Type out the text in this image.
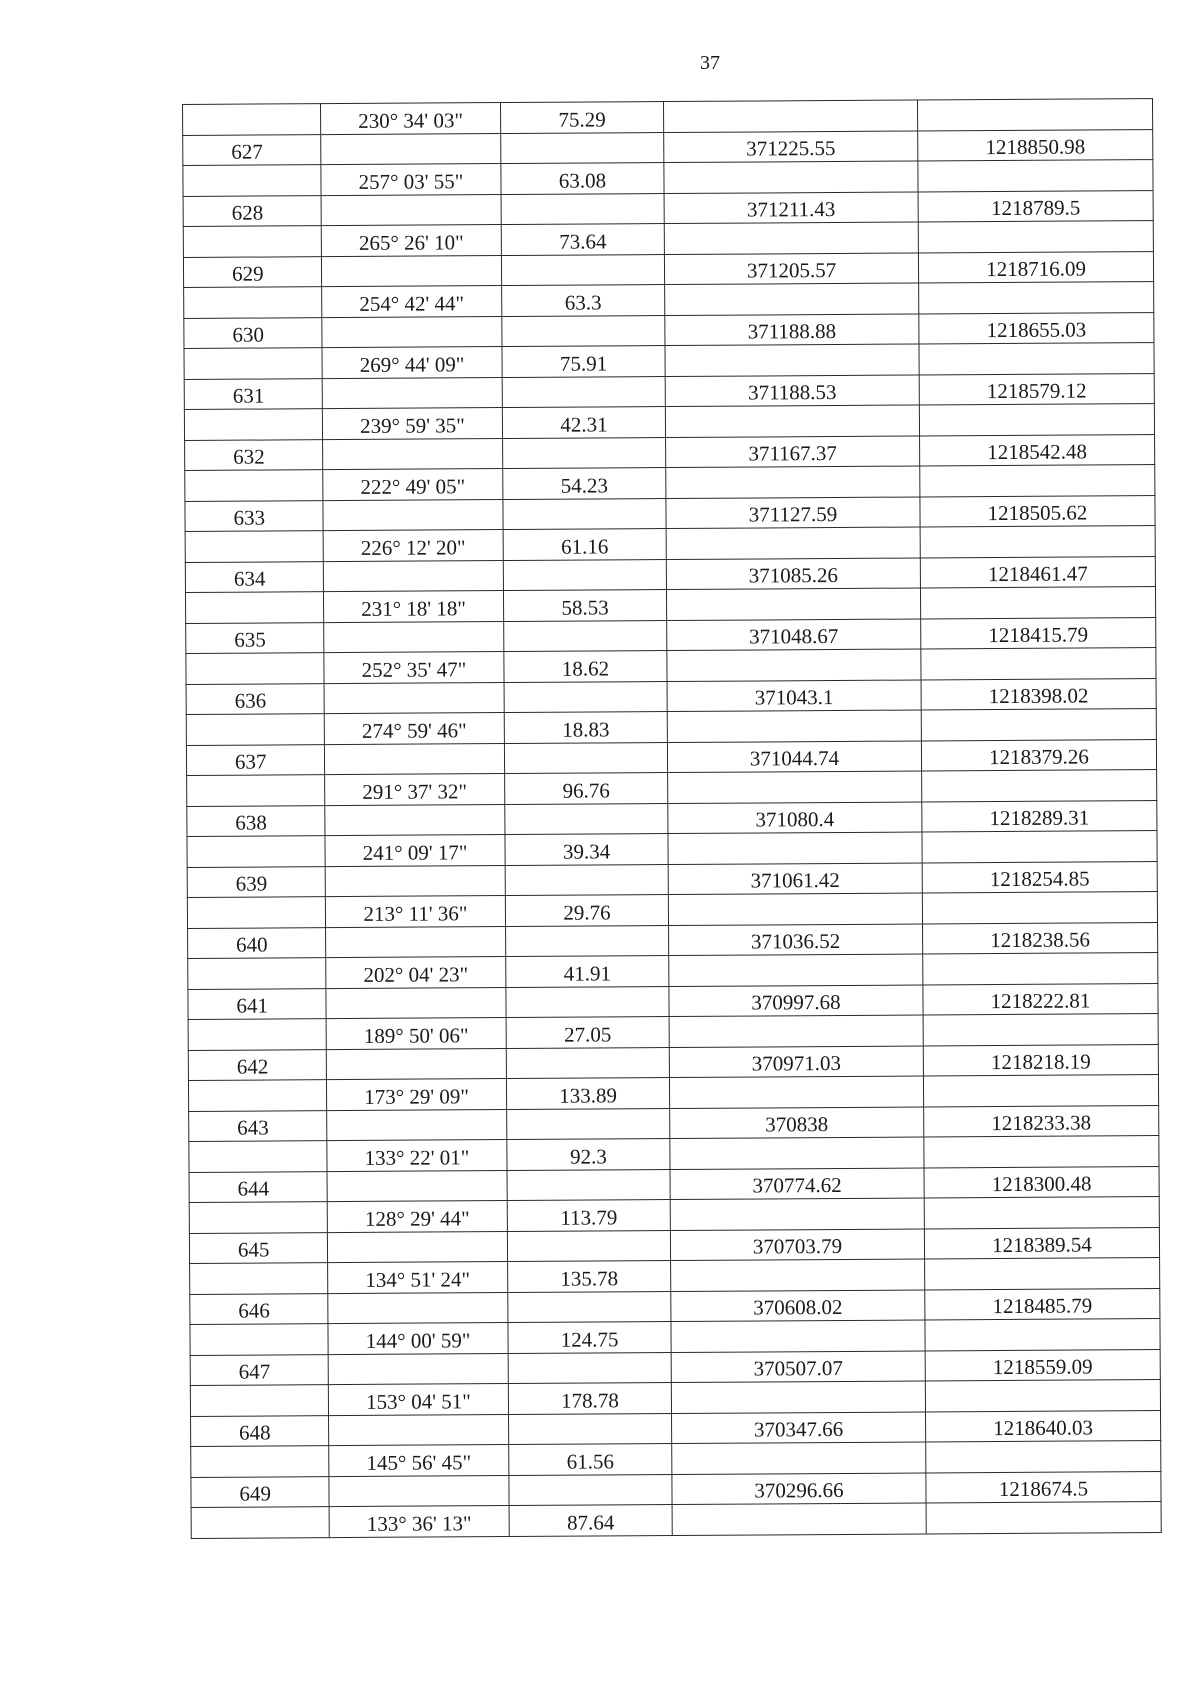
37
	230° 34' 03"	75.29		
627			371225.55	1218850.98
	257° 03' 55"	63.08		
628			371211.43	1218789.5
	265° 26' 10"	73.64		
629			371205.57	1218716.09
	254° 42' 44"	63.3		
630			371188.88	1218655.03
	269° 44' 09"	75.91		
631			371188.53	1218579.12
	239° 59' 35"	42.31		
632			371167.37	1218542.48
	222° 49' 05"	54.23		
633			371127.59	1218505.62
	226° 12' 20"	61.16		
634			371085.26	1218461.47
	231° 18' 18"	58.53		
635			371048.67	1218415.79
	252° 35' 47"	18.62		
636			371043.1	1218398.02
	274° 59' 46"	18.83		
637			371044.74	1218379.26
	291° 37' 32"	96.76		
638			371080.4	1218289.31
	241° 09' 17"	39.34		
639			371061.42	1218254.85
	213° 11' 36"	29.76		
640			371036.52	1218238.56
	202° 04' 23"	41.91		
641			370997.68	1218222.81
	189° 50' 06"	27.05		
642			370971.03	1218218.19
	173° 29' 09"	133.89		
643			370838	1218233.38
	133° 22' 01"	92.3		
644			370774.62	1218300.48
	128° 29' 44"	113.79		
645			370703.79	1218389.54
	134° 51' 24"	135.78		
646			370608.02	1218485.79
	144° 00' 59"	124.75		
647			370507.07	1218559.09
	153° 04' 51"	178.78		
648			370347.66	1218640.03
	145° 56' 45"	61.56		
649			370296.66	1218674.5
	133° 36' 13"	87.64		
